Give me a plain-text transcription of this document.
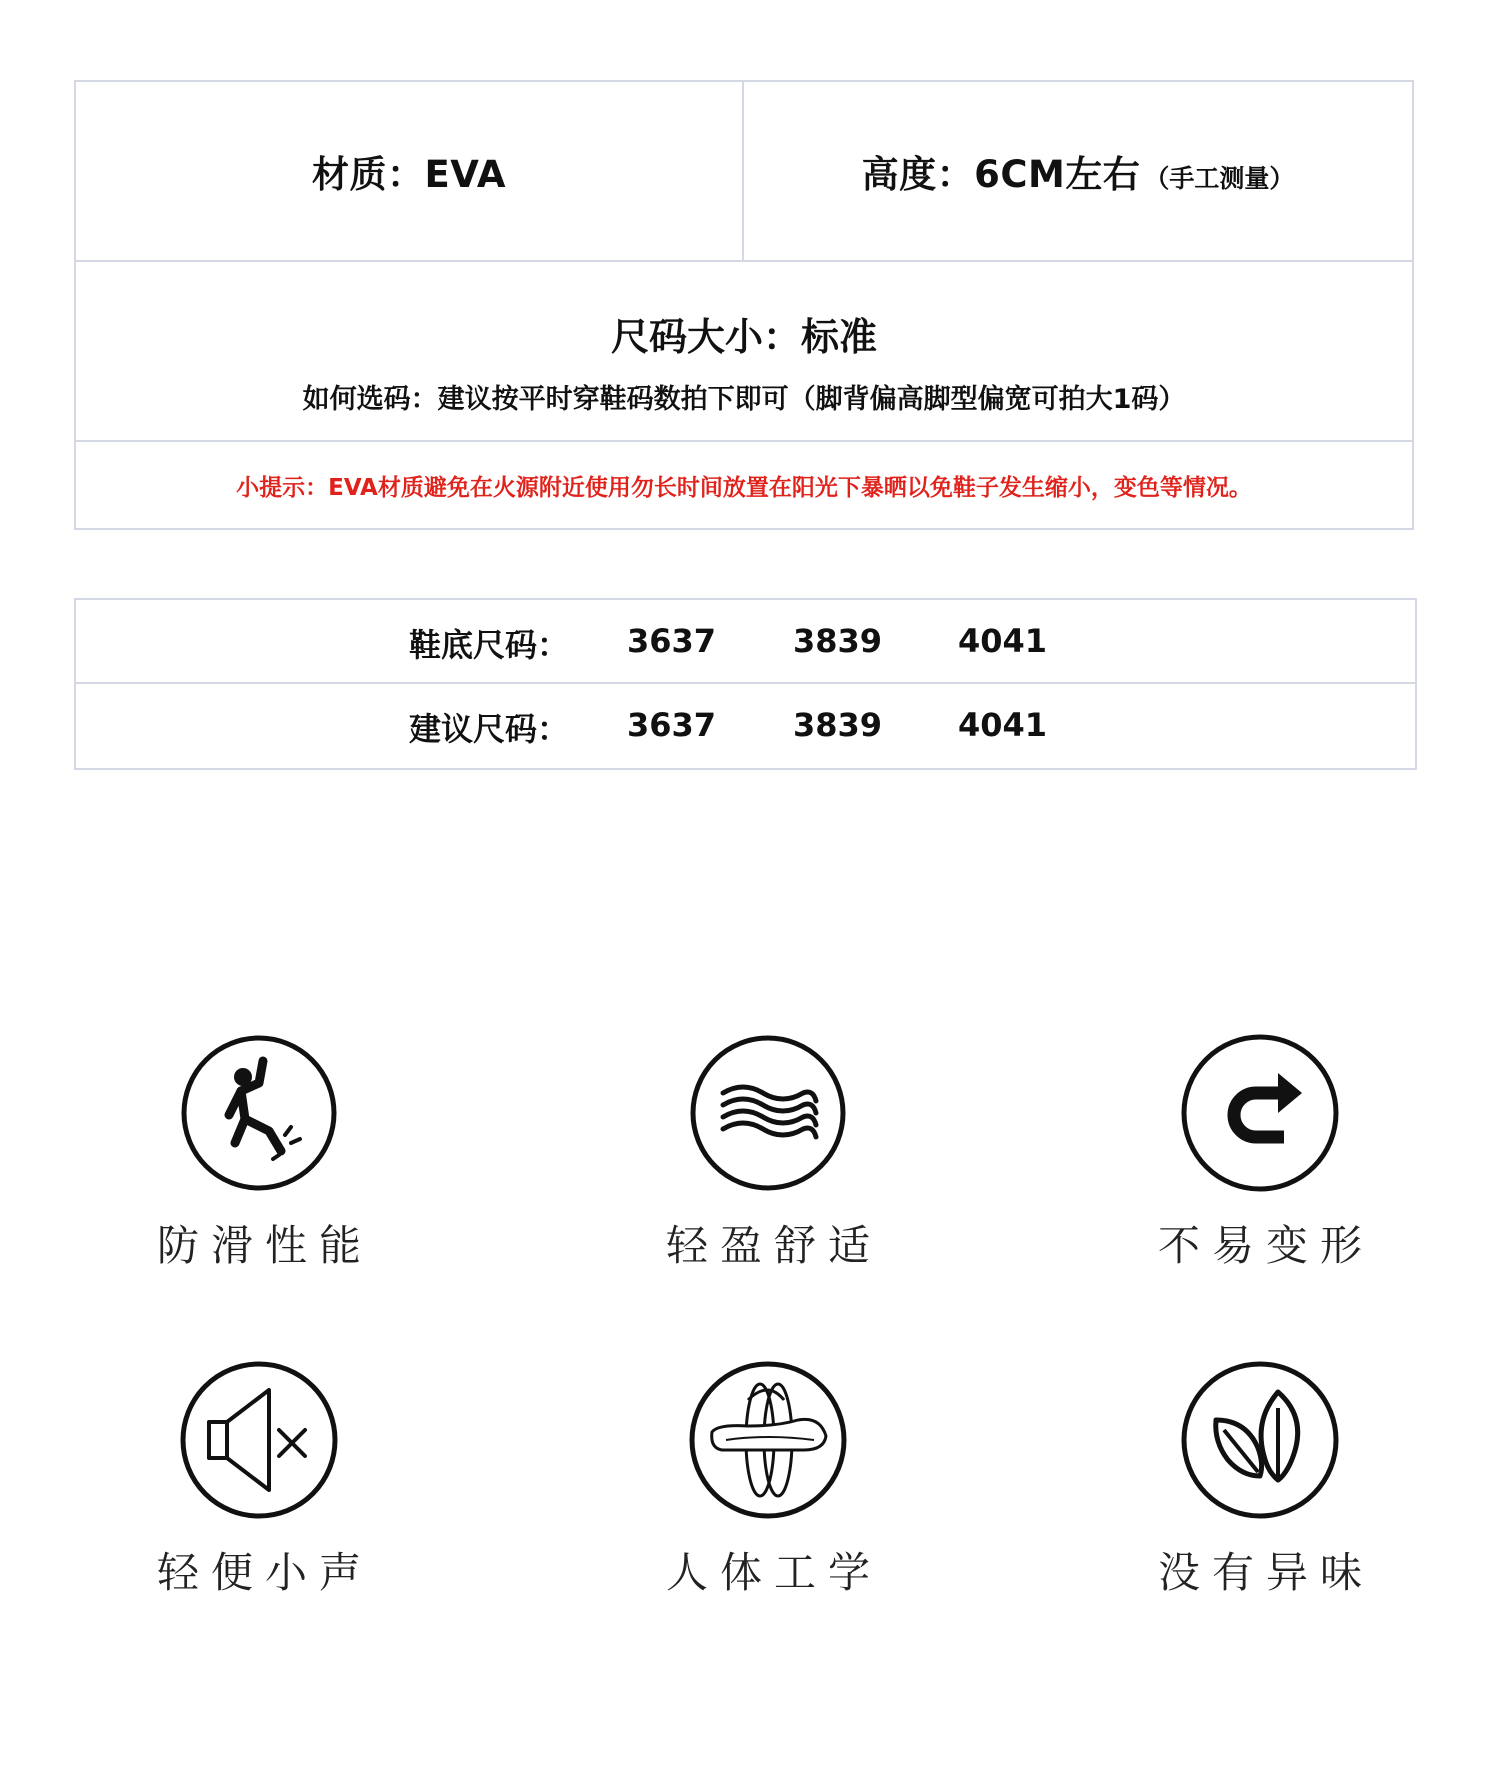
材质：EVA	高度：6CM左右 （手工测量）
尺码大小：标准
如何选码：建议按平时穿鞋码数拍下即可（脚背偏高脚型偏宽可拍大1码）
小提示：EVA材质避免在火源附近使用勿长时间放置在阳光下暴晒以免鞋子发生缩小，变色等情况。
鞋底尺码： 3637 3839 4041
建议尺码： 3637 3839 4041
防滑性能	轻盈舒适	不易变形
轻便小声	人体工学	没有异味
